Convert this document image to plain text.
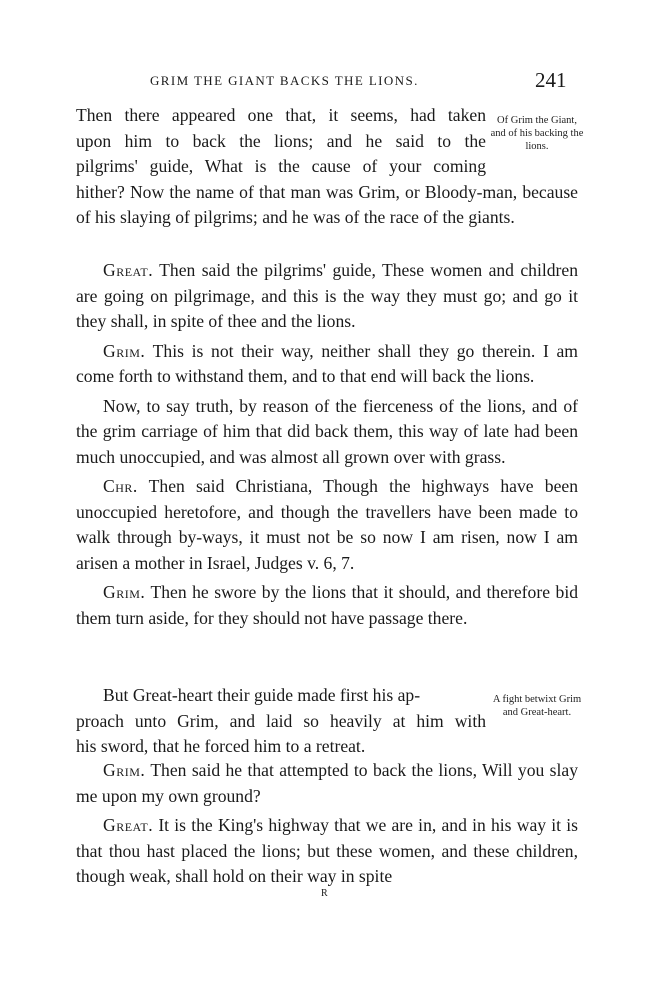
GRIM THE GIANT BACKS THE LIONS.	241
Then there appeared one that, it seems, had taken
upon him to back the lions; and he said to the
pilgrims' guide, What is the cause of your coming

hither? Now the name of that man was Grim, or Bloody-man, because of his slaying of pilgrims; and he was of the race of the giants.

Of Grim the Giant, and of his backing the lions.

Great. Then said the pilgrims' guide, These women and children are going on pilgrimage, and this is the way they must go; and go it they shall, in spite of thee and the lions.

Grim. This is not their way, neither shall they go therein. I am come forth to withstand them, and to that end will back the lions.

Now, to say truth, by reason of the fierceness of the lions, and of the grim carriage of him that did back them, this way of late had been much unoccupied, and was almost all grown over with grass.

Chr. Then said Christiana, Though the highways have been unoccupied heretofore, and though the travellers have been made to walk through by-ways, it must not be so now I am risen, now I am arisen a mother in Israel, Judges v. 6, 7.

Grim. Then he swore by the lions that it should, and therefore bid them turn aside, for they should not have passage there.

But Great-heart their guide made first his ap-
proach unto Grim, and laid so heavily at him with
his sword, that he forced him to a retreat.
A fight betwixt Grim and Great-heart.

Grim. Then said he that attempted to back the lions, Will you slay me upon my own ground?

Great. It is the King's highway that we are in, and in his way it is that thou hast placed the lions; but these women, and these children, though weak, shall hold on their way in spite

R
